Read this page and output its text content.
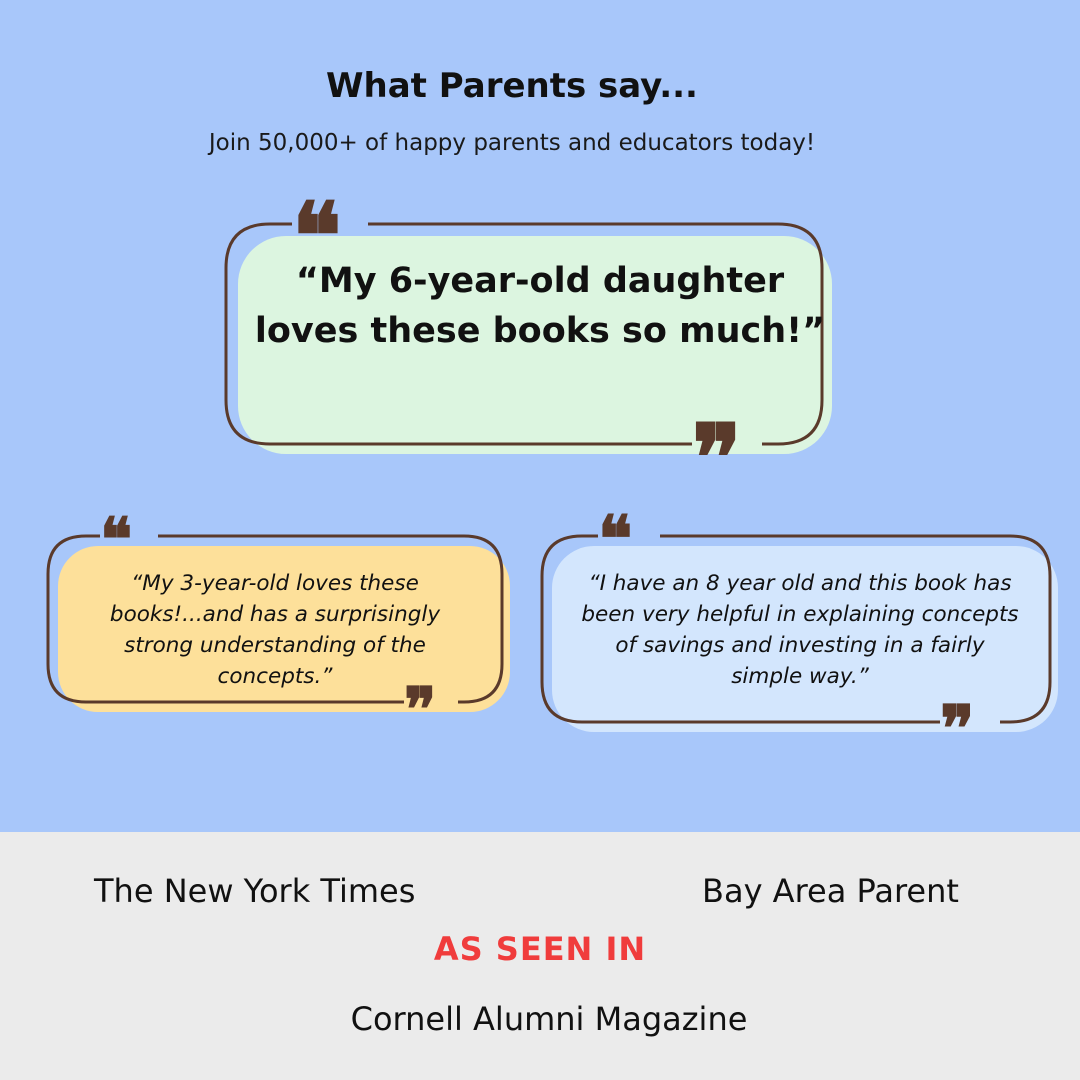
What Parents say...
Join 50,000+ of happy parents and educators today!
❝
❞
“My 6-year-old daughter loves these books so much!”
❝
❞
“My 3-year-old loves these books!...and has a surprisingly strong understanding of the concepts.”
❝
❞
“I have an 8 year old and this book has been very helpful in explaining concepts of savings and investing in a fairly simple way.”
The New York Times	Bay Area Parent
AS SEEN IN
Cornell Alumni Magazine
